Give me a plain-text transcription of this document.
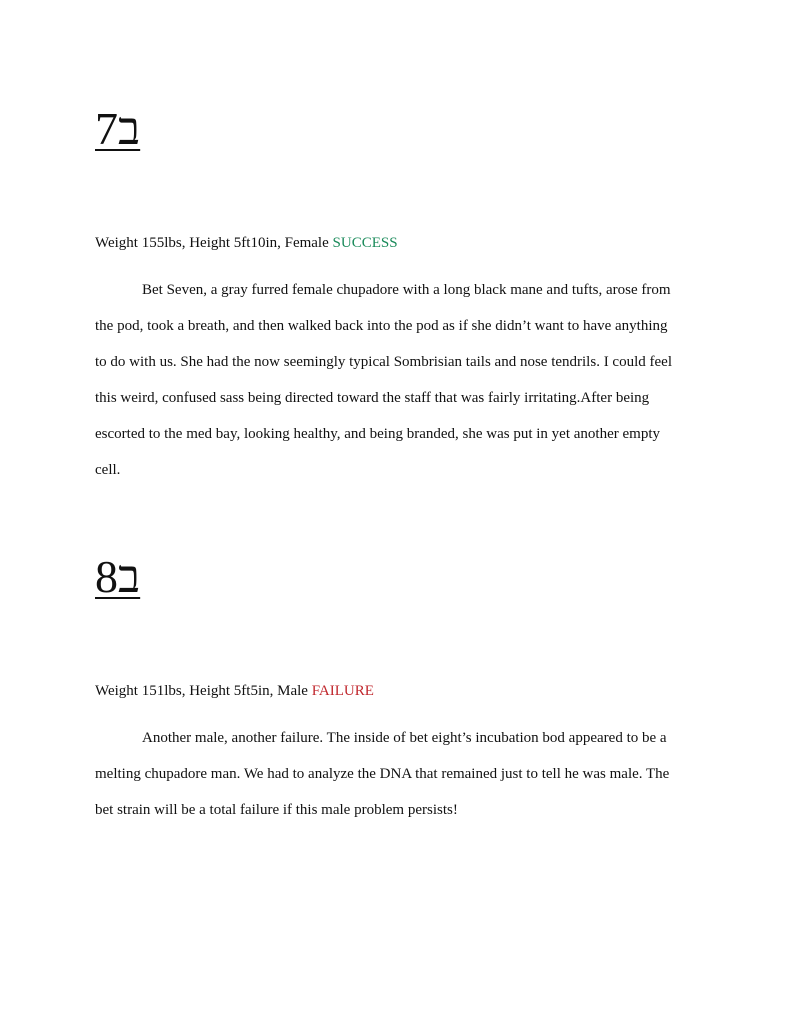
ב7

Weight 155lbs, Height 5ft10in, Female SUCCESS

Bet Seven, a gray furred female chupadore with a long black mane and tufts, arose from
the pod, took a breath, and then walked back into the pod as if she didn’t want to have anything
to do with us. She had the now seemingly typical Sombrisian tails and nose tendrils. I could feel
this weird, confused sass being directed toward the staff that was fairly irritating.After being
escorted to the med bay, looking healthy, and being branded, she was put in yet another empty
cell.
ב8

Weight 151lbs, Height 5ft5in, Male FAILURE

Another male, another failure. The inside of bet eight’s incubation bod appeared to be a
melting chupadore man. We had to analyze the DNA that remained just to tell he was male. The
bet strain will be a total failure if this male problem persists!
